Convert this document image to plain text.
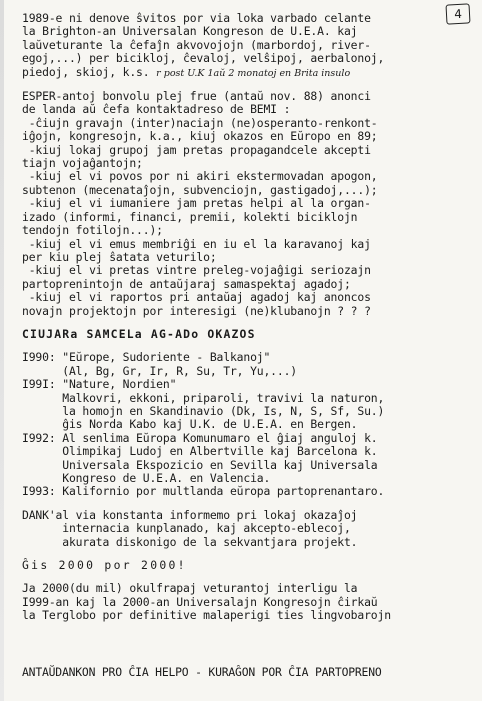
4
1989-e ni denove ŝvitos por via loka varbado celante
la Brighton-an Universalan Kongreson de U.E.A. kaj
laŭveturante la ĉefaĵn akvovojojn (marbordoj, river-
egoj,...) per bicikloj, ĉevaloj, velŝipoj, aerbalonoj,
piedoj, skioj, k.s. r post U.K 1aŭ 2 monatoj en Brita insulo
ESPER-antoj bonvolu plej frue (antaŭ nov. 88) anonci
de landa aŭ ĉefa kontaktadreso de BEMI :
-ĉiujn gravajn (inter)naciajn (ne)osperanto-renkont-
iĝojn, kongresojn, k.a., kiuj okazos en Eŭropo en 89;
-kiuj lokaj grupoj jam pretas propagandcele akcepti
tiajn vojaĝantojn;
-kiuj el vi povos por ni akiri ekstermovadan apogon,
subtenon (mecenataĵojn, subvenciojn, gastigadoj,...);
-kiuj el vi iumaniere jam pretas helpi al la organ-
izado (informi, financi, premii, kolekti biciklojn
tendojn fotilojn...);
-kiuj el vi emus membriĝi en iu el la karavanoj kaj
per kiu plej ŝatata veturilo;
-kiuj el vi pretas vintre preleg-vojaĝigi seriozajn
partoprenintojn de antaŭjaraj samaspektaj agadoj;
-kiuj el vi raportos pri antaŭaj agadoj kaj anoncos
novajn projektojn por interesigi (ne)klubanojn ? ? ?
CIUJARa SAMCELa AG-ADo OKAZOS
I990: "Eŭrope, Sudoriente - Balkanoj"
(Al, Bg, Gr, Ir, R, Su, Tr, Yu,...)
I99I: "Nature, Nordien"
Malkovri, ekkoni, priparoli, travivi la naturon,
la homojn en Skandinavio (Dk, Is, N, S, Sf, Su.)
ĝis Norda Kabo kaj U.K. de U.E.A. en Bergen.
I992: Al senlima Eŭropa Komunumaro el ĝiaj anguloj k.
Olimpikaj Ludoj en Albertville kaj Barcelona k.
Universala Ekspozicio en Sevilla kaj Universala
Kongreso de U.E.A. en Valencia.
I993: Kalifornio por multlanda eŭropa partoprenantaro.
DANK'al via konstanta informemo pri lokaj okazaĵoj
internacia kunplanado, kaj akcepto-eblecoj,
akurata diskonigo de la sekvantjara projekt.
Ĝis 2000 por 2000!
Ja 2000(du mil) okulfrapaj veturantoj interligu la
I999-an kaj la 2000-an Universalajn Kongresojn ĉirkaŭ
la Terglobo por definitive malaperigi ties lingvobarojn
ANTAŬDANKON PRO ĈIA HELPO - KURAĜON POR ĈIA PARTOPRENO
